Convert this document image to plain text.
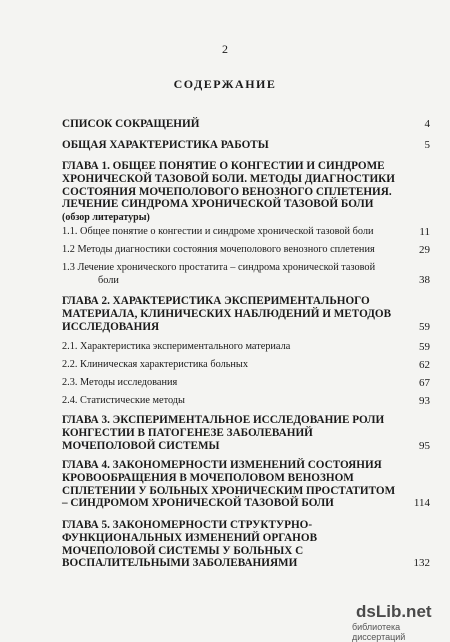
2
СОДЕРЖАНИЕ
СПИСОК СОКРАЩЕНИЙ	4
ОБЩАЯ ХАРАКТЕРИСТИКА РАБОТЫ	5
ГЛАВА 1. ОБЩЕЕ ПОНЯТИЕ О КОНГЕСТИИ И СИНДРОМЕ ХРОНИЧЕСКОЙ ТАЗОВОЙ БОЛИ. МЕТОДЫ ДИАГНОСТИКИ СОСТОЯНИЯ МОЧЕПОЛОВОГО ВЕНОЗНОГО СПЛЕТЕНИЯ. ЛЕЧЕНИЕ СИНДРОМА ХРОНИЧЕСКОЙ ТАЗОВОЙ БОЛИ
(обзор литературы)
1.1. Общее понятие о конгестии и синдроме хронической тазовой боли	11
1.2 Методы диагностики состояния мочеполового венозного сплетения	29
1.3 Лечение хронического простатита – синдрома хронической тазовой
боли	38
ГЛАВА 2. ХАРАКТЕРИСТИКА ЭКСПЕРИМЕНТАЛЬНОГО МАТЕРИАЛА, КЛИНИЧЕСКИХ НАБЛЮДЕНИЙ И МЕТОДОВ ИССЛЕДОВАНИЯ	59
2.1. Характеристика экспериментального материала	59
2.2. Клиническая характеристика больных	62
2.3. Методы исследования	67
2.4. Статистические методы	93
ГЛАВА 3. ЭКСПЕРИМЕНТАЛЬНОЕ ИССЛЕДОВАНИЕ РОЛИ КОНГЕСТИИ В ПАТОГЕНЕЗЕ ЗАБОЛЕВАНИЙ МОЧЕПОЛОВОЙ СИСТЕМЫ	95
ГЛАВА 4. ЗАКОНОМЕРНОСТИ ИЗМЕНЕНИЙ СОСТОЯНИЯ КРОВООБРАЩЕНИЯ В МОЧЕПОЛОВОМ ВЕНОЗНОМ СПЛЕТЕНИИ У БОЛЬНЫХ ХРОНИЧЕСКИМ ПРОСТАТИТОМ – СИНДРОМОМ ХРОНИЧЕСКОЙ ТАЗОВОЙ БОЛИ	114
ГЛАВА 5. ЗАКОНОМЕРНОСТИ СТРУКТУРНО-ФУНКЦИОНАЛЬНЫХ ИЗМЕНЕНИЙ ОРГАНОВ МОЧЕПОЛОВОЙ СИСТЕМЫ У БОЛЬНЫХ С ВОСПАЛИТЕЛЬНЫМИ ЗАБОЛЕВАНИЯМИ	132
dsLib.net
библиотека диссертаций
